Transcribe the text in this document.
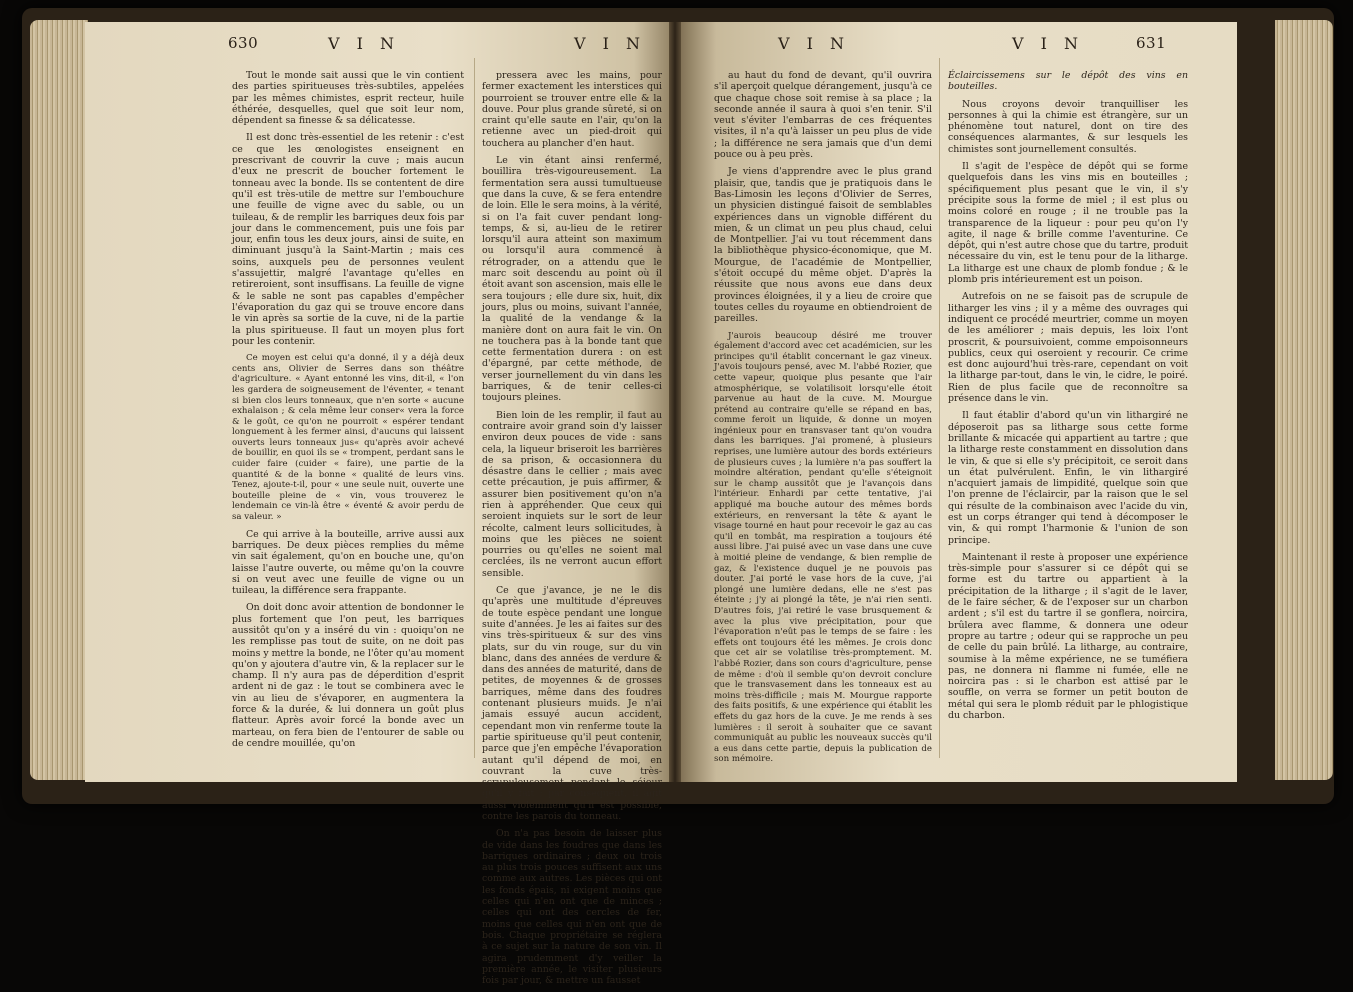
630	V I N	V I N	V I N	V I N	631

Tout le monde sait aussi que le vin contient des parties spiritueuses très-subtiles, appelées par les mêmes chimistes, esprit recteur, huile éthérée, desquelles, quel que soit leur nom, dépendent sa finesse & sa délicatesse.

Il est donc très-essentiel de les retenir : c'est ce que les œnologistes enseignent en prescrivant de couvrir la cuve ; mais aucun d'eux ne prescrit de boucher fortement le tonneau avec la bonde. Ils se contentent de dire qu'il est très-utile de mettre sur l'embouchure une feuille de vigne avec du sable, ou un tuileau, & de remplir les barriques deux fois par jour dans le commencement, puis une fois par jour, enfin tous les deux jours, ainsi de suite, en diminuant jusqu'à la Saint-Martin ; mais ces soins, auxquels peu de personnes veulent s'assujettir, malgré l'avantage qu'elles en retireroient, sont insuffisans. La feuille de vigne & le sable ne sont pas capables d'empêcher l'évaporation du gaz qui se trouve encore dans le vin après sa sortie de la cuve, ni de la partie la plus spiritueuse. Il faut un moyen plus fort pour les contenir.

Ce moyen est celui qu'a donné, il y a déjà deux cents ans, Olivier de Serres dans son théâtre d'agriculture. « Ayant entonné les vins, dit-il, « l'on les gardera de soigneusement de l'éventer, « tenant si bien clos leurs tonneaux, que n'en sorte « aucune exhalaison ; & cela même leur conser« vera la force & le goût, ce qu'on ne pourroit « espérer tendant longuement à les fermer ainsi, d'aucuns qui laissent ouverts leurs tonneaux jus« qu'après avoir achevé de bouillir, en quoi ils se « trompent, perdant sans le cuider faire (cuider « faire), une partie de la quantité & de la bonne « qualité de leurs vins. Tenez, ajoute-t-il, pour « une seule nuit, ouverte une bouteille pleine de « vin, vous trouverez le lendemain ce vin-là être « éventé & avoir perdu de sa valeur. »

Ce qui arrive à la bouteille, arrive aussi aux barriques. De deux pièces remplies du même vin sait également, qu'on en bouche une, qu'on laisse l'autre ouverte, ou même qu'on la couvre si on veut avec une feuille de vigne ou un tuileau, la différence sera frappante.

On doit donc avoir attention de bondonner le plus fortement que l'on peut, les barriques aussitôt qu'on y a inséré du vin : quoiqu'on ne les remplisse pas tout de suite, on ne doit pas moins y mettre la bonde, ne l'ôter qu'au moment qu'on y ajoutera d'autre vin, & la replacer sur le champ. Il n'y aura pas de déperdition d'esprit ardent ni de gaz : le tout se combinera avec le vin au lieu de s'évaporer, en augmentera la force & la durée, & lui donnera un goût plus flatteur. Après avoir forcé la bonde avec un marteau, on fera bien de l'entourer de sable ou de cendre mouillée, qu'on

pressera avec les mains, pour fermer exactement les interstices qui pourroient se trouver entre elle & la douve. Pour plus grande sûreté, si on craint qu'elle saute en l'air, qu'on la retienne avec un pied-droit qui touchera au plancher d'en haut.

Le vin étant ainsi renfermé, bouillira très-vigoureusement. La fermentation sera aussi tumultueuse que dans la cuve, & se fera entendre de loin. Elle le sera moins, à la vérité, si on l'a fait cuver pendant long-temps, & si, au-lieu de le retirer lorsqu'il aura atteint son maximum ou lorsqu'il aura commencé à rétrograder, on a attendu que le marc soit descendu au point où il étoit avant son ascension, mais elle le sera toujours ; elle dure six, huit, dix jours, plus ou moins, suivant l'année, la qualité de la vendange & la manière dont on aura fait le vin. On ne touchera pas à la bonde tant que cette fermentation durera : on est d'épargné, par cette méthode, de verser journellement du vin dans les barriques, & de tenir celles-ci toujours pleines.

Bien loin de les remplir, il faut au contraire avoir grand soin d'y laisser environ deux pouces de vide : sans cela, la liqueur briseroit les barrières de sa prison, & occasionnera du désastre dans le cellier ; mais avec cette précaution, je puis affirmer, & assurer bien positivement qu'on n'a rien à appréhender. Que ceux qui seroient inquiets sur le sort de leur récolte, calment leurs sollicitudes, à moins que les pièces ne soient pourries ou qu'elles ne soient mal cerclées, ils ne verront aucun effort sensible.

Ce que j'avance, je ne le dis qu'après une multitude d'épreuves de toute espèce pendant une longue suite d'années. Je les ai faites sur des vins très-spiritueux & sur des vins plats, sur du vin rouge, sur du vin blanc, dans des années de verdure & dans des années de maturité, dans de petites, de moyennes & de grosses barriques, même dans des foudres contenant plusieurs muids. Je n'ai jamais essuyé aucun accident, cependant mon vin renferme toute la partie spiritueuse qu'il peut contenir, parce que j'en empêche l'évaporation autant qu'il dépend de moi, en couvrant la cuve très-scrupuleusement pendant le séjour qu'il y fait ; par conséquent, il agit aussi violemment qu'il est possible, contre les parois du tonneau.

On n'a pas besoin de laisser plus de vide dans les foudres que dans les barriques ordinaires ; deux ou trois au plus trois pouces suffisent aux uns comme aux autres. Les pièces qui ont les fonds épais, ni exigent moins que celles qui n'en ont que de minces ; celles qui ont des cercles de fer, moins que celles qui n'en ont que de bois. Chaque propriétaire se réglera à ce sujet sur la nature de son vin. Il agira prudemment d'y veiller la première année, le visiter plusieurs fois par jour, & mettre un fausset

au haut du fond de devant, qu'il ouvrira s'il aperçoit quelque dérangement, jusqu'à ce que chaque chose soit remise à sa place ; la seconde année il saura à quoi s'en tenir. S'il veut s'éviter l'embarras de ces fréquentes visites, il n'a qu'à laisser un peu plus de vide ; la différence ne sera jamais que d'un demi pouce ou à peu près.

Je viens d'apprendre avec le plus grand plaisir, que, tandis que je pratiquois dans le Bas-Limosin les leçons d'Olivier de Serres, un physicien distingué faisoit de semblables expériences dans un vignoble différent du mien, & un climat un peu plus chaud, celui de Montpellier. J'ai vu tout récemment dans la bibliothèque physico-économique, que M. Mourgue, de l'académie de Montpellier, s'étoit occupé du même objet. D'après la réussite que nous avons eue dans deux provinces éloignées, il y a lieu de croire que toutes celles du royaume en obtiendroient de pareilles.

J'aurois beaucoup désiré me trouver également d'accord avec cet académicien, sur les principes qu'il établit concernant le gaz vineux. J'avois toujours pensé, avec M. l'abbé Rozier, que cette vapeur, quoique plus pesante que l'air atmosphérique, se volatilisoit lorsqu'elle étoit parvenue au haut de la cuve. M. Mourgue prétend au contraire qu'elle se répand en bas, comme feroit un liquide, & donne un moyen ingénieux pour en transvaser tant qu'on voudra dans les barriques. J'ai promené, à plusieurs reprises, une lumière autour des bords extérieurs de plusieurs cuves ; la lumière n'a pas souffert la moindre altération, pendant qu'elle s'éteignoit sur le champ aussitôt que je l'avançois dans l'intérieur. Enhardi par cette tentative, j'ai appliqué ma bouche autour des mêmes bords extérieurs, en renversant la tête & ayant le visage tourné en haut pour recevoir le gaz au cas qu'il en tombât, ma respiration a toujours été aussi libre. J'ai puisé avec un vase dans une cuve à moitié pleine de vendange, & bien remplie de gaz, & l'existence duquel je ne pouvois pas douter. J'ai porté le vase hors de la cuve, j'ai plongé une lumière dedans, elle ne s'est pas éteinte ; j'y ai plongé la tête, je n'ai rien senti. D'autres fois, j'ai retiré le vase brusquement & avec la plus vive précipitation, pour que l'évaporation n'eût pas le temps de se faire : les effets ont toujours été les mêmes. Je crois donc que cet air se volatilise très-promptement. M. l'abbé Rozier, dans son cours d'agriculture, pense de même : d'où il semble qu'on devroit conclure que le transvasement dans les tonneaux est au moins très-difficile ; mais M. Mourgue rapporte des faits positifs, & une expérience qui établit les effets du gaz hors de la cuve. Je me rends à ses lumières : il seroit à souhaiter que ce savant communiquât au public les nouveaux succès qu'il a eus dans cette partie, depuis la publication de son mémoire.

Éclaircissemens sur le dépôt des vins en bouteilles.

Nous croyons devoir tranquilliser les personnes à qui la chimie est étrangère, sur un phénomène tout naturel, dont on tire des conséquences alarmantes, & sur lesquels les chimistes sont journellement consultés.

Il s'agit de l'espèce de dépôt qui se forme quelquefois dans les vins mis en bouteilles ; spécifiquement plus pesant que le vin, il s'y précipite sous la forme de miel ; il est plus ou moins coloré en rouge ; il ne trouble pas la transparence de la liqueur : pour peu qu'on l'y agite, il nage & brille comme l'aventurine. Ce dépôt, qui n'est autre chose que du tartre, produit nécessaire du vin, est le tenu pour de la litharge. La litharge est une chaux de plomb fondue ; & le plomb pris intérieurement est un poison.

Autrefois on ne se faisoit pas de scrupule de litharger les vins ; il y a même des ouvrages qui indiquent ce procédé meurtrier, comme un moyen de les améliorer ; mais depuis, les loix l'ont proscrit, & poursuivoient, comme empoisonneurs publics, ceux qui oseroient y recourir. Ce crime est donc aujourd'hui très-rare, cependant on voit la litharge par-tout, dans le vin, le cidre, le poiré. Rien de plus facile que de reconnoître sa présence dans le vin.

Il faut établir d'abord qu'un vin lithargiré ne déposeroit pas sa litharge sous cette forme brillante & micacée qui appartient au tartre ; que la litharge reste constamment en dissolution dans le vin, & que si elle s'y précipitoit, ce seroit dans un état pulvérulent. Enfin, le vin lithargiré n'acquiert jamais de limpidité, quelque soin que l'on prenne de l'éclaircir, par la raison que le sel qui résulte de la combinaison avec l'acide du vin, est un corps étranger qui tend à décomposer le vin, & qui rompt l'harmonie & l'union de son principe.

Maintenant il reste à proposer une expérience très-simple pour s'assurer si ce dépôt qui se forme est du tartre ou appartient à la précipitation de la litharge ; il s'agit de le laver, de le faire sécher, & de l'exposer sur un charbon ardent ; s'il est du tartre il se gonflera, noircira, brûlera avec flamme, & donnera une odeur propre au tartre ; odeur qui se rapproche un peu de celle du pain brûlé. La litharge, au contraire, soumise à la même expérience, ne se tuméfiera pas, ne donnera ni flamme ni fumée, elle ne noircira pas : si le charbon est attisé par le souffle, on verra se former un petit bouton de métal qui sera le plomb réduit par le phlogistique du charbon.
